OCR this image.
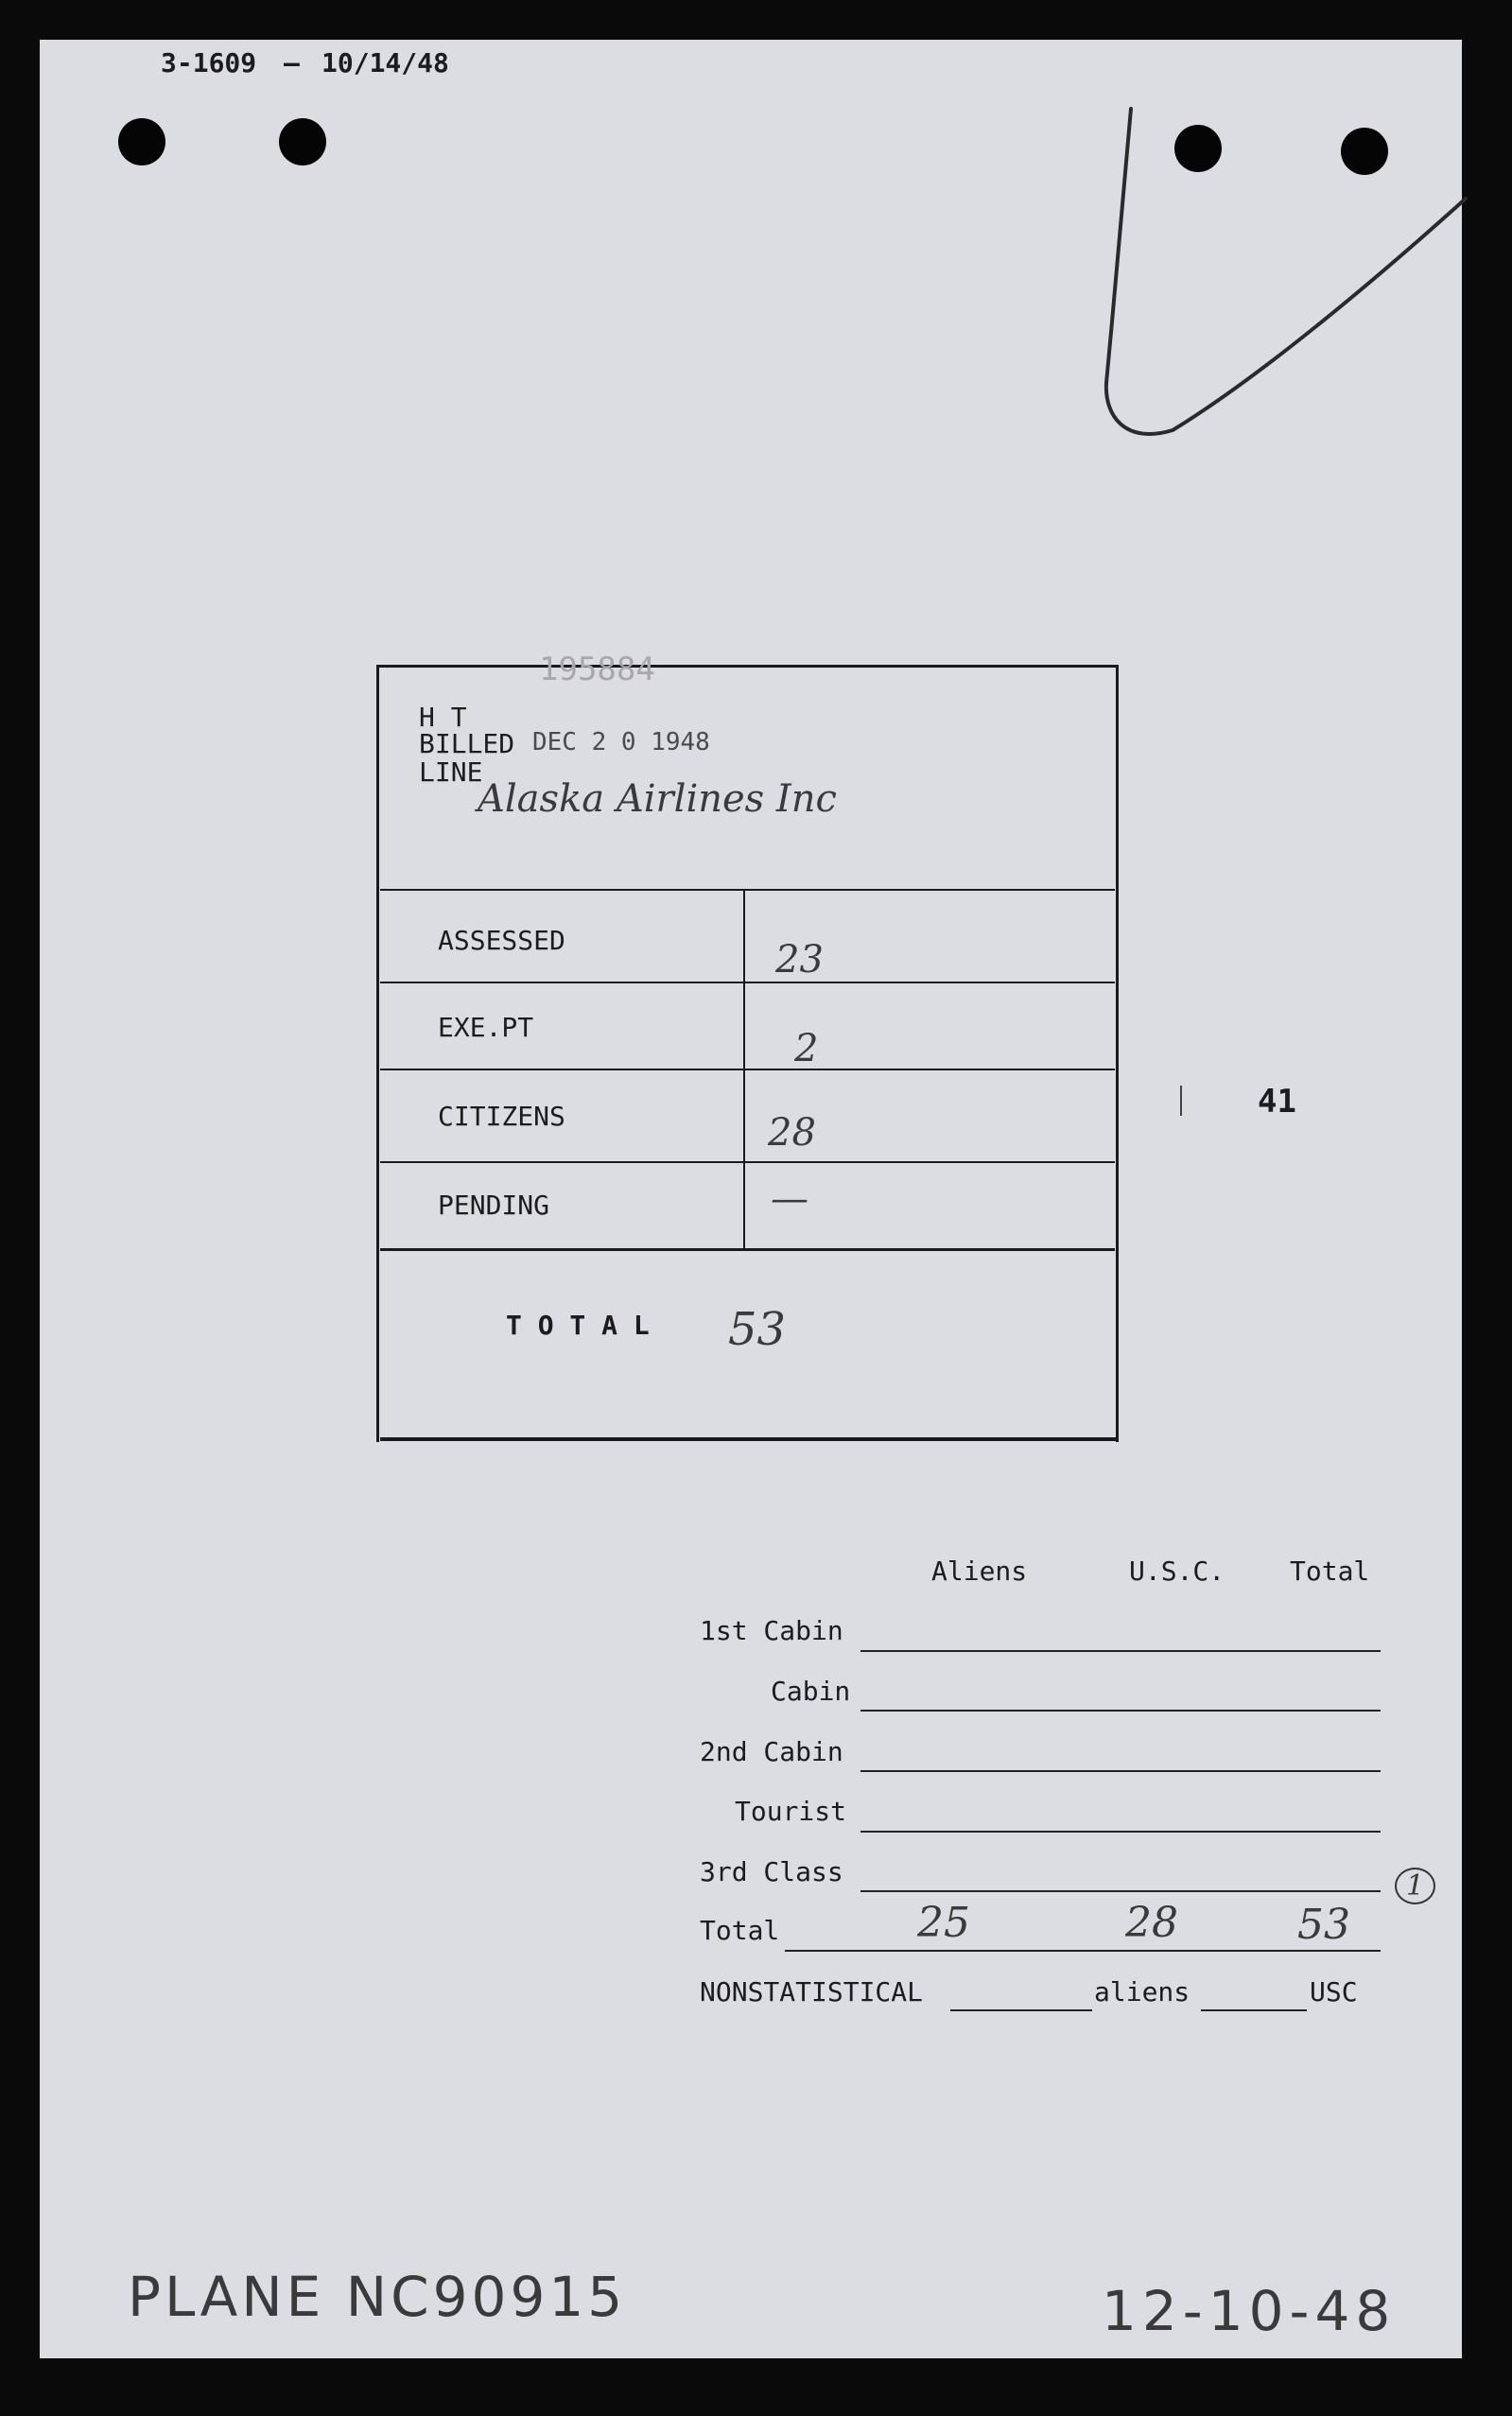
3-1609 — 10/14/48
195884
H T
BILLED DEC 2 0 1948
LINE
Alaska Airlines Inc
ASSESSED	23
EXE.PT	2
CITIZENS	28
PENDING	—
T O T A L 53
41
Aliens	U.S.C. Total
1st Cabin
Cabin
2nd Cabin
Tourist
3rd Class	1
Total	25	28	53
NONSTATISTICAL	aliens	USC
PLANE NC90915	12-10-48
